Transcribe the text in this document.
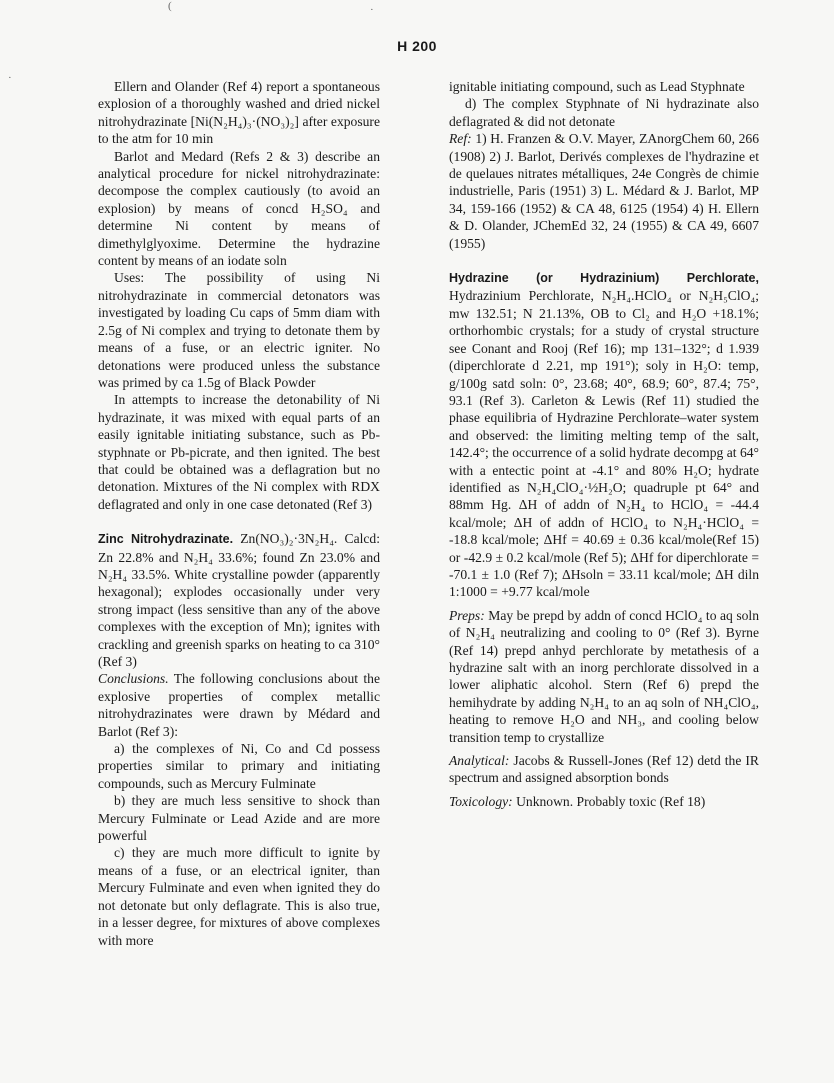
H 200
(
·
·

Ellern and Olander (Ref 4) report a spontaneous explosion of a thoroughly washed and dried nickel nitrohydrazinate [Ni(N₂H₄)₃·(NO₃)₂] after exposure to the atm for 10 min

Barlot and Medard (Refs 2 & 3) describe an analytical procedure for nickel nitrohydrazinate: decompose the complex cautiously (to avoid an explosion) by means of concd H₂SO₄ and determine Ni content by means of dimethylglyoxime. Determine the hydrazine content by means of an iodate soln

Uses: The possibility of using Ni nitrohydrazinate in commercial detonators was investigated by loading Cu caps of 5mm diam with 2.5g of Ni complex and trying to detonate them by means of a fuse, or an electric igniter. No detonations were produced unless the substance was primed by ca 1.5g of Black Powder

In attempts to increase the detonability of Ni hydrazinate, it was mixed with equal parts of an easily ignitable initiating substance, such as Pb-styphnate or Pb-picrate, and then ignited. The best that could be obtained was a deflagration but no detonation. Mixtures of the Ni complex with RDX deflagrated and only in one case detonated (Ref 3)

Zinc Nitrohydrazinate. Zn(NO₃)₂·3N₂H₄. Calcd: Zn 22.8% and N₂H₄ 33.6%; found Zn 23.0% and N₂H₄ 33.5%. White crystalline powder (apparently hexagonal); explodes occasionally under very strong impact (less sensitive than any of the above complexes with the exception of Mn); ignites with crackling and greenish sparks on heating to ca 310° (Ref 3)

Conclusions. The following conclusions about the explosive properties of complex metallic nitrohydrazinates were drawn by Médard and Barlot (Ref 3):

a) the complexes of Ni, Co and Cd possess properties similar to primary and initiating compounds, such as Mercury Fulminate

b) they are much less sensitive to shock than Mercury Fulminate or Lead Azide and are more powerful

c) they are much more difficult to ignite by means of a fuse, or an electrical igniter, than Mercury Fulminate and even when ignited they do not detonate but only deflagrate. This is also true, in a lesser degree, for mixtures of above complexes with more

ignitable initiating compound, such as Lead Styphnate

d) The complex Styphnate of Ni hydrazinate also deflagrated & did not detonate

Ref: 1) H. Franzen & O.V. Mayer, ZAnorgChem 60, 266 (1908) 2) J. Barlot, Derivés complexes de l'hydrazine et de quelaues nitrates métalliques, 24e Congrès de chimie industrielle, Paris (1951) 3) L. Médard & J. Barlot, MP 34, 159-166 (1952) & CA 48, 6125 (1954) 4) H. Ellern & D. Olander, JChemEd 32, 24 (1955) & CA 49, 6607 (1955)

Hydrazine (or Hydrazinium) Perchlorate, Hydrazinium Perchlorate, N₂H₄.HClO₄ or N₂H₅ClO₄; mw 132.51; N 21.13%, OB to Cl₂ and H₂O +18.1%; orthorhombic crystals; for a study of crystal structure see Conant and Rooj (Ref 16); mp 131–132°; d 1.939 (diperchlorate d 2.21, mp 191°); soly in H₂O: temp, g/100g satd soln: 0°, 23.68; 40°, 68.9; 60°, 87.4; 75°, 93.1 (Ref 3). Carleton & Lewis (Ref 11) studied the phase equilibria of Hydrazine Perchlorate–water system and observed: the limiting melting temp of the salt, 142.4°; the occurrence of a solid hydrate decompg at 64° with a entectic point at -4.1° and 80% H₂O; hydrate identified as N₂H₄ClO₄·½H₂O; quadruple pt 64° and 88mm Hg. ΔH of addn of N₂H₄ to HClO₄ = -44.4 kcal/mole; ΔH of addn of HClO₄ to N₂H₄·HClO₄ = -18.8 kcal/mole; ΔHf = 40.69 ± 0.36 kcal/mole(Ref 15) or -42.9 ± 0.2 kcal/mole (Ref 5); ΔHf for diperchlorate = -70.1 ± 1.0 (Ref 7); ΔHsoln = 33.11 kcal/mole; ΔH diln 1:1000 = +9.77 kcal/mole

Preps: May be prepd by addn of concd HClO₄ to aq soln of N₂H₄ neutralizing and cooling to 0° (Ref 3). Byrne (Ref 14) prepd anhyd perchlorate by metathesis of a hydrazine salt with an inorg perchlorate dissolved in a lower aliphatic alcohol. Stern (Ref 6) prepd the hemihydrate by adding N₂H₄ to an aq soln of NH₄ClO₄, heating to remove H₂O and NH₃, and cooling below transition temp to crystallize

Analytical: Jacobs & Russell-Jones (Ref 12) detd the IR spectrum and assigned absorption bonds

Toxicology: Unknown. Probably toxic (Ref 18)
